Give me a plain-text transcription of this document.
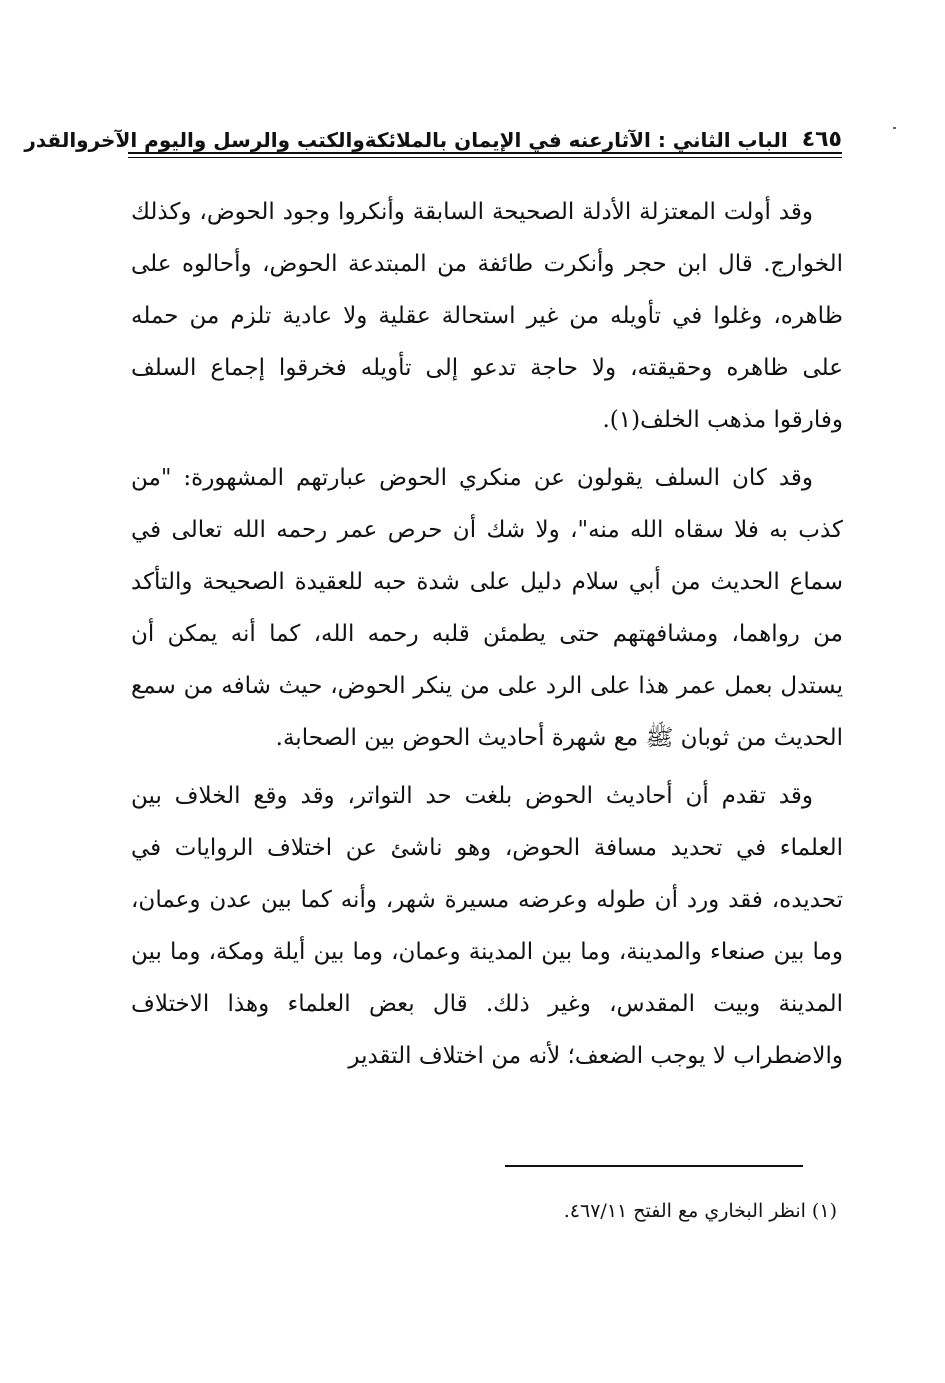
٤٦٥
الباب الثاني : الآثارعنه في الإيمان بالملائكةوالكتب والرسل واليوم الآخروالقدر

وقد أولت المعتزلة الأدلة الصحيحة السابقة وأنكروا وجود الحوض، وكذلك الخوارج. قال ابن حجر وأنكرت طائفة من المبتدعة الحوض، وأحالوه على ظاهره، وغلوا في تأويله من غير استحالة عقلية ولا عادية تلزم من حمله على ظاهره وحقيقته، ولا حاجة تدعو إلى تأويله فخرقوا إجماع السلف وفارقوا مذهب الخلف(١).

وقد كان السلف يقولون عن منكري الحوض عبارتهم المشهورة: "من كذب به فلا سقاه الله منه"، ولا شك أن حرص عمر رحمه الله تعالى في سماع الحديث من أبي سلام دليل على شدة حبه للعقيدة الصحيحة والتأكد من رواهما، ومشافهتهم حتى يطمئن قلبه رحمه الله، كما أنه يمكن أن يستدل بعمل عمر هذا على الرد على من ينكر الحوض، حيث شافه من سمع الحديث من ثوبان ﷺ مع شهرة أحاديث الحوض بين الصحابة.

وقد تقدم أن أحاديث الحوض بلغت حد التواتر، وقد وقع الخلاف بين العلماء في تحديد مسافة الحوض، وهو ناشئ عن اختلاف الروايات في تحديده، فقد ورد أن طوله وعرضه مسيرة شهر، وأنه كما بين عدن وعمان، وما بين صنعاء والمدينة، وما بين المدينة وعمان، وما بين أيلة ومكة، وما بين المدينة وبيت المقدس، وغير ذلك. قال بعض العلماء وهذا الاختلاف والاضطراب لا يوجب الضعف؛ لأنه من اختلاف التقدير

(١) انظر البخاري مع الفتح ٤٦٧/١١.
